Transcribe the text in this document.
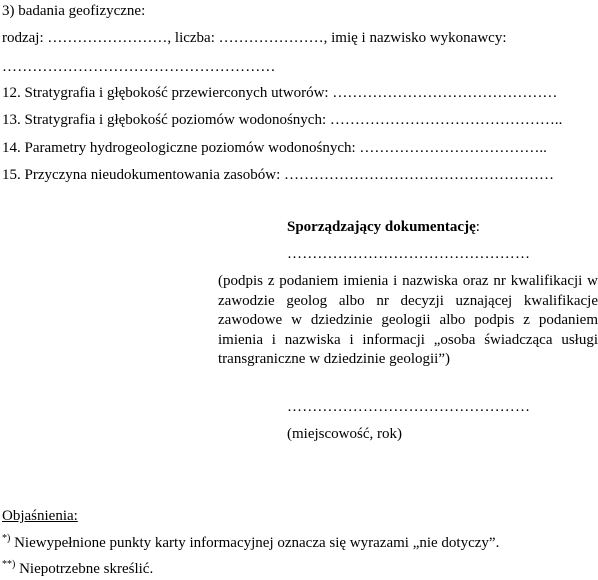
3) badania geofizyczne:
rodzaj: ……………………, liczba: …………………, imię i nazwisko wykonawcy:
………………………………………………
12. Stratygrafia i głębokość przewierconych utworów: ………………………………………
13. Stratygrafia i głębokość poziomów wodonośnych: ………………………………………..
14. Parametry hydrogeologiczne poziomów wodonośnych: ………………………………..
15. Przyczyna nieudokumentowania zasobów: ………………………………………………
Sporządzający dokumentację:
…………………………………………
(podpis z podaniem imienia i nazwiska oraz nr kwalifikacji w zawodzie geolog albo nr decyzji uznającej kwalifikacje zawodowe w dziedzinie geologii albo podpis z podaniem imienia i nazwiska i informacji „osoba świadcząca usługi transgraniczne w dziedzinie geologii”)
…………………………………………
(miejscowość, rok)
Objaśnienia:
*) Niewypełnione punkty karty informacyjnej oznacza się wyrazami „nie dotyczy”.
**) Niepotrzebne skreślić.
